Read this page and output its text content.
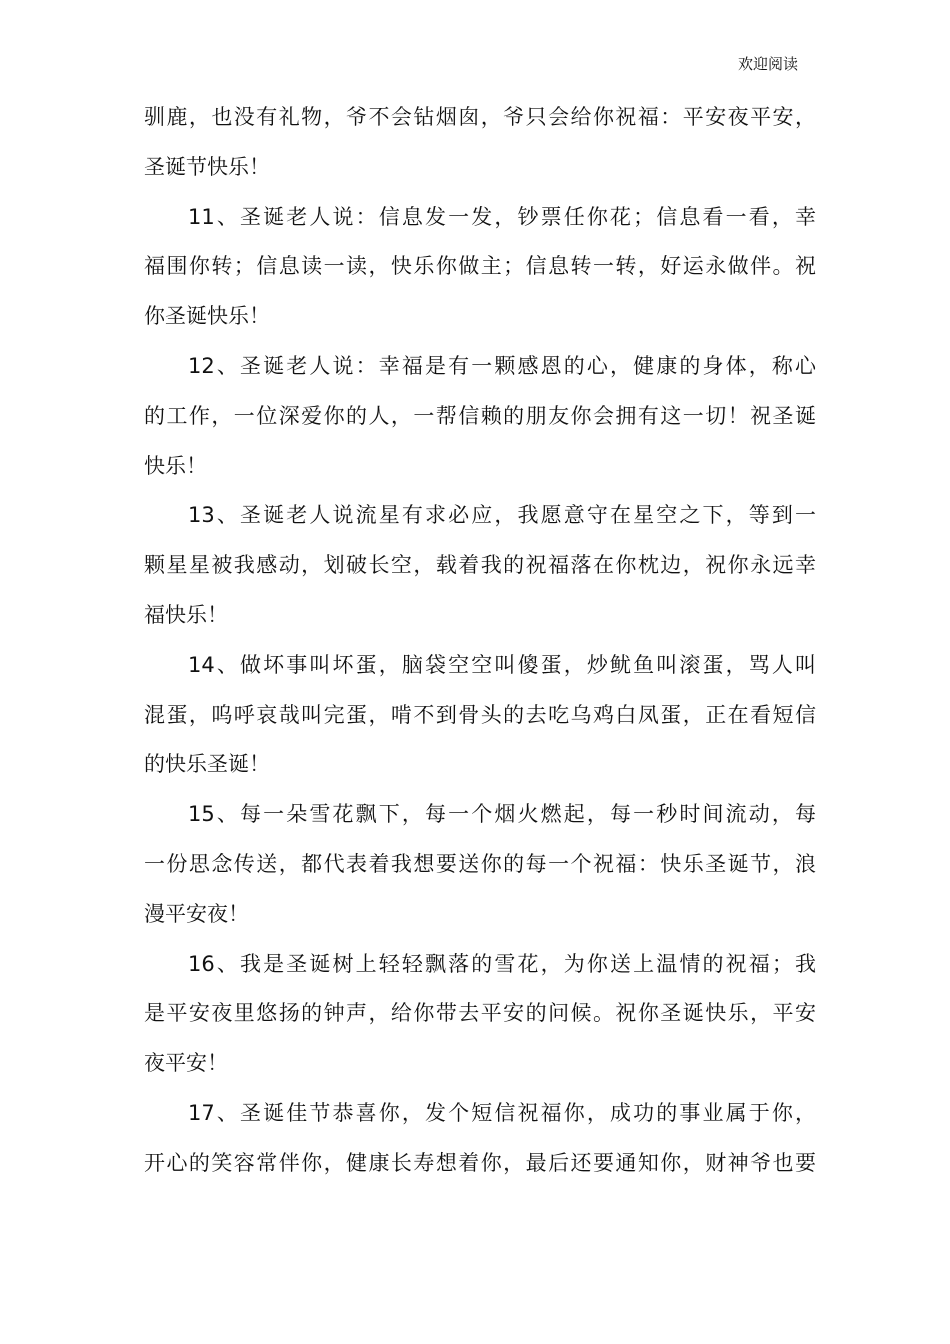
欢迎阅读
驯鹿，也没有礼物，爷不会钻烟囱，爷只会给你祝福：平安夜平安，
圣诞节快乐！
11、圣诞老人说：信息发一发，钞票任你花；信息看一看，幸
福围你转；信息读一读，快乐你做主；信息转一转，好运永做伴。祝
你圣诞快乐！
12、圣诞老人说：幸福是有一颗感恩的心，健康的身体，称心
的工作，一位深爱你的人，一帮信赖的朋友你会拥有这一切！祝圣诞
快乐！
13、圣诞老人说流星有求必应，我愿意守在星空之下，等到一
颗星星被我感动，划破长空，载着我的祝福落在你枕边，祝你永远幸
福快乐！
14、做坏事叫坏蛋，脑袋空空叫傻蛋，炒鱿鱼叫滚蛋，骂人叫
混蛋，呜呼哀哉叫完蛋，啃不到骨头的去吃乌鸡白凤蛋，正在看短信
的快乐圣诞！
15、每一朵雪花飘下，每一个烟火燃起，每一秒时间流动，每
一份思念传送，都代表着我想要送你的每一个祝福：快乐圣诞节，浪
漫平安夜！
16、我是圣诞树上轻轻飘落的雪花，为你送上温情的祝福；我
是平安夜里悠扬的钟声，给你带去平安的问候。祝你圣诞快乐，平安
夜平安！
17、圣诞佳节恭喜你，发个短信祝福你，成功的事业属于你，
开心的笑容常伴你，健康长寿想着你，最后还要通知你，财神爷也要
